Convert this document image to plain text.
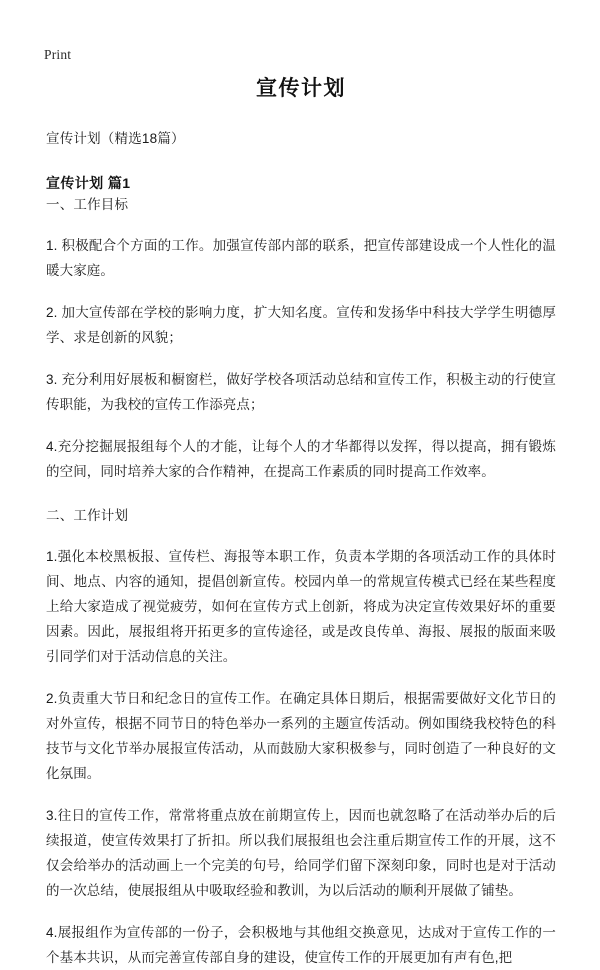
Print
宣传计划

宣传计划（精选18篇）

宣传计划 篇1

一、工作目标

1. 积极配合个方面的工作。加强宣传部内部的联系，把宣传部建设成一个人性化的温暖大家庭。

2. 加大宣传部在学校的影响力度，扩大知名度。宣传和发扬华中科技大学学生明德厚学、求是创新的风貌；

3. 充分利用好展板和橱窗栏，做好学校各项活动总结和宣传工作，积极主动的行使宣传职能，为我校的宣传工作添亮点；

4.充分挖掘展报组每个人的才能，让每个人的才华都得以发挥，得以提高，拥有锻炼的空间，同时培养大家的合作精神，在提高工作素质的同时提高工作效率。

二、工作计划

1.强化本校黑板报、宣传栏、海报等本职工作，负责本学期的各项活动工作的具体时间、地点、内容的通知，提倡创新宣传。校园内单一的常规宣传模式已经在某些程度上给大家造成了视觉疲劳，如何在宣传方式上创新，将成为决定宣传效果好坏的重要因素。因此，展报组将开拓更多的宣传途径，或是改良传单、海报、展报的版面来吸引同学们对于活动信息的关注。

2.负责重大节日和纪念日的宣传工作。在确定具体日期后，根据需要做好文化节日的对外宣传，根据不同节日的特色举办一系列的主题宣传活动。例如围绕我校特色的科技节与文化节举办展报宣传活动，从而鼓励大家积极参与，同时创造了一种良好的文化氛围。

3.往日的宣传工作，常常将重点放在前期宣传上，因而也就忽略了在活动举办后的后续报道，使宣传效果打了折扣。所以我们展报组也会注重后期宣传工作的开展，这不仅会给举办的活动画上一个完美的句号，给同学们留下深刻印象，同时也是对于活动的一次总结，使展报组从中吸取经验和教训，为以后活动的顺利开展做了铺垫。

4.展报组作为宣传部的一份子，会积极地与其他组交换意见，达成对于宣传工作的一个基本共识，从而完善宣传部自身的建设，使宣传工作的开展更加有声有色,把
